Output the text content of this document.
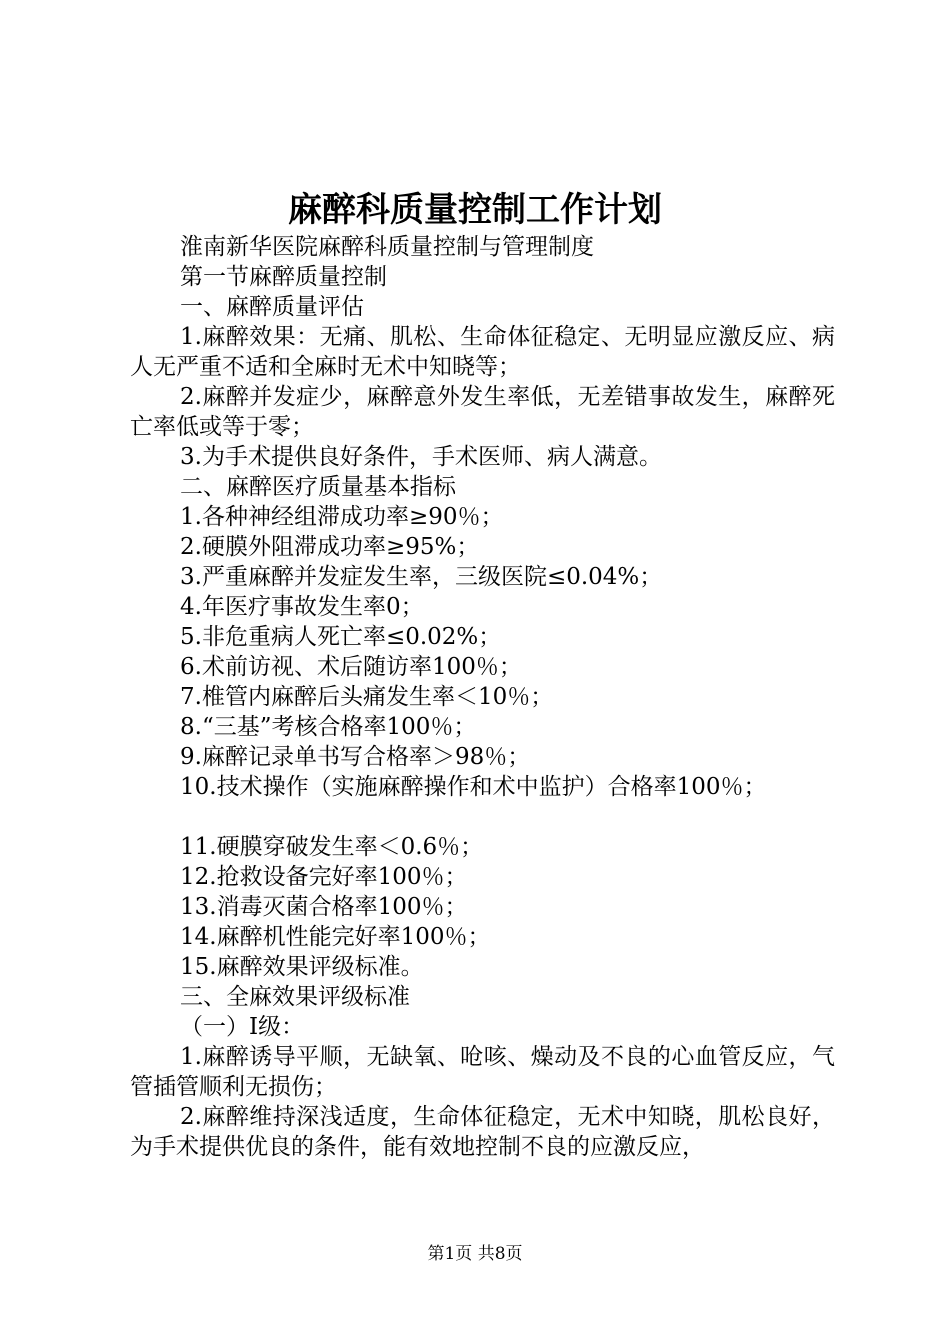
麻醉科质量控制工作计划
淮南新华医院麻醉科质量控制与管理制度
第一节麻醉质量控制
一、麻醉质量评估
1.麻醉效果：无痛、肌松、生命体征稳定、无明显应激反应、病人无严重不适和全麻时无术中知晓等；
2.麻醉并发症少，麻醉意外发生率低，无差错事故发生，麻醉死亡率低或等于零；
3.为手术提供良好条件，手术医师、病人满意。
二、麻醉医疗质量基本指标
1.各种神经组滞成功率≥90％；
2.硬膜外阻滞成功率≥95%；
3.严重麻醉并发症发生率，三级医院≤0.04%；
4.年医疗事故发生率0；
5.非危重病人死亡率≤0.02%；
6.术前访视、术后随访率100％；
7.椎管内麻醉后头痛发生率＜10％；
8.“三基”考核合格率100％；
9.麻醉记录单书写合格率＞98％；
10.技术操作（实施麻醉操作和术中监护）合格率100％；
11.硬膜穿破发生率＜0.6％；
12.抢救设备完好率100％；
13.消毒灭菌合格率100％；
14.麻醉机性能完好率100％；
15.麻醉效果评级标准。
三、全麻效果评级标准
（一）Ⅰ级：
1.麻醉诱导平顺，无缺氧、呛咳、燥动及不良的心血管反应，气管插管顺利无损伤；
2.麻醉维持深浅适度，生命体征稳定，无术中知晓，肌松良好，为手术提供优良的条件，能有效地控制不良的应激反应，
第1页 共8页
